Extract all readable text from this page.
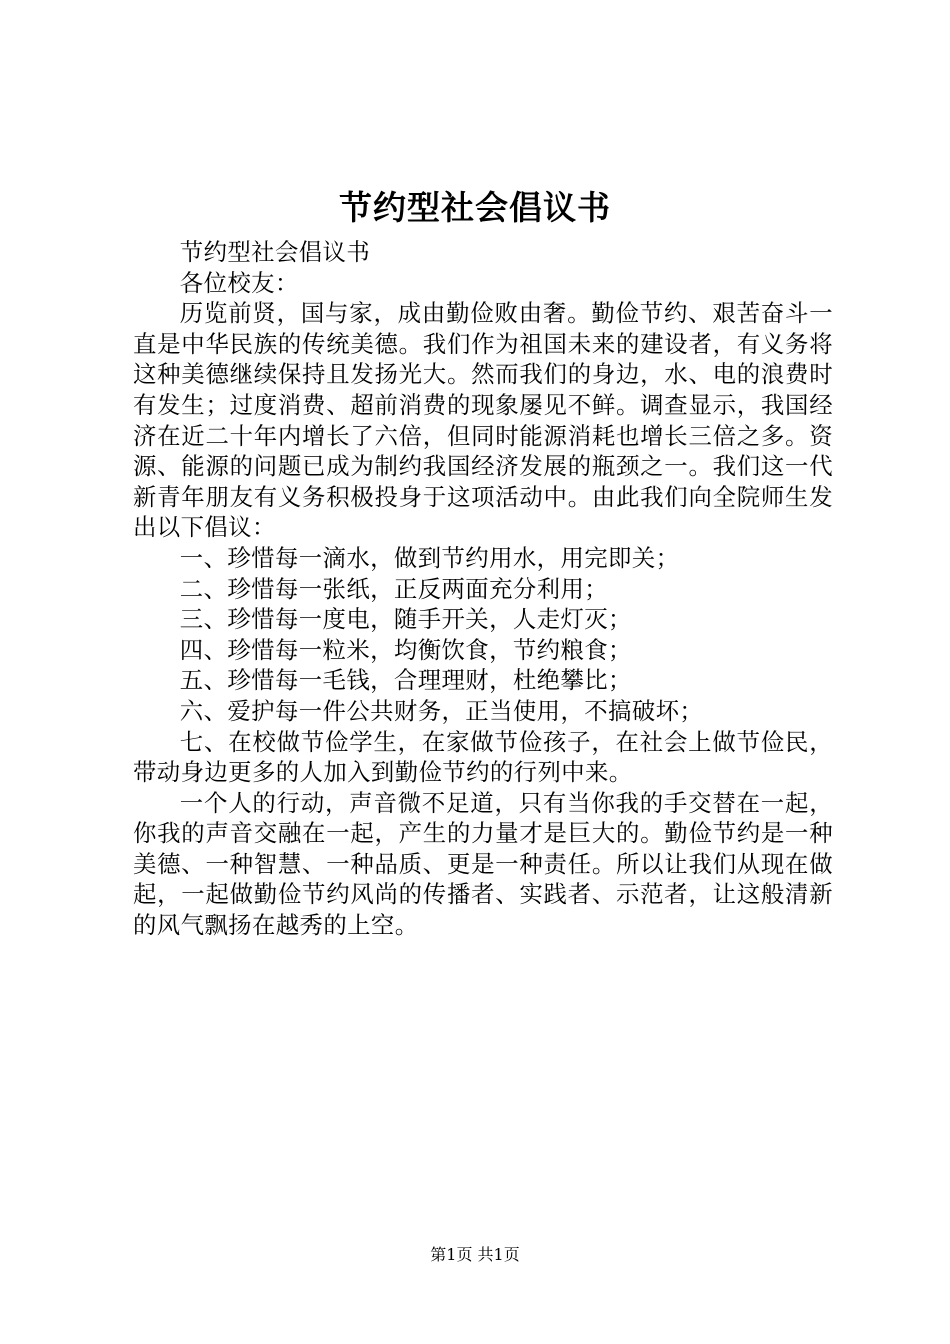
节约型社会倡议书

节约型社会倡议书

各位校友：

历览前贤，国与家，成由勤俭败由奢。勤俭节约、艰苦奋斗一直是中华民族的传统美德。我们作为祖国未来的建设者，有义务将这种美德继续保持且发扬光大。然而我们的身边，水、电的浪费时有发生；过度消费、超前消费的现象屡见不鲜。调查显示，我国经济在近二十年内增长了六倍，但同时能源消耗也增长三倍之多。资源、能源的问题已成为制约我国经济发展的瓶颈之一。我们这一代新青年朋友有义务积极投身于这项活动中。由此我们向全院师生发出以下倡议：

一、珍惜每一滴水，做到节约用水，用完即关；

二、珍惜每一张纸，正反两面充分利用；

三、珍惜每一度电，随手开关，人走灯灭；

四、珍惜每一粒米，均衡饮食，节约粮食；

五、珍惜每一毛钱，合理理财，杜绝攀比；

六、爱护每一件公共财务，正当使用，不搞破坏；

七、在校做节俭学生，在家做节俭孩子，在社会上做节俭民，带动身边更多的人加入到勤俭节约的行列中来。

一个人的行动，声音微不足道，只有当你我的手交替在一起，你我的声音交融在一起，产生的力量才是巨大的。勤俭节约是一种美德、一种智慧、一种品质、更是一种责任。所以让我们从现在做起，一起做勤俭节约风尚的传播者、实践者、示范者，让这般清新的风气飘扬在越秀的上空。

第1页 共1页
